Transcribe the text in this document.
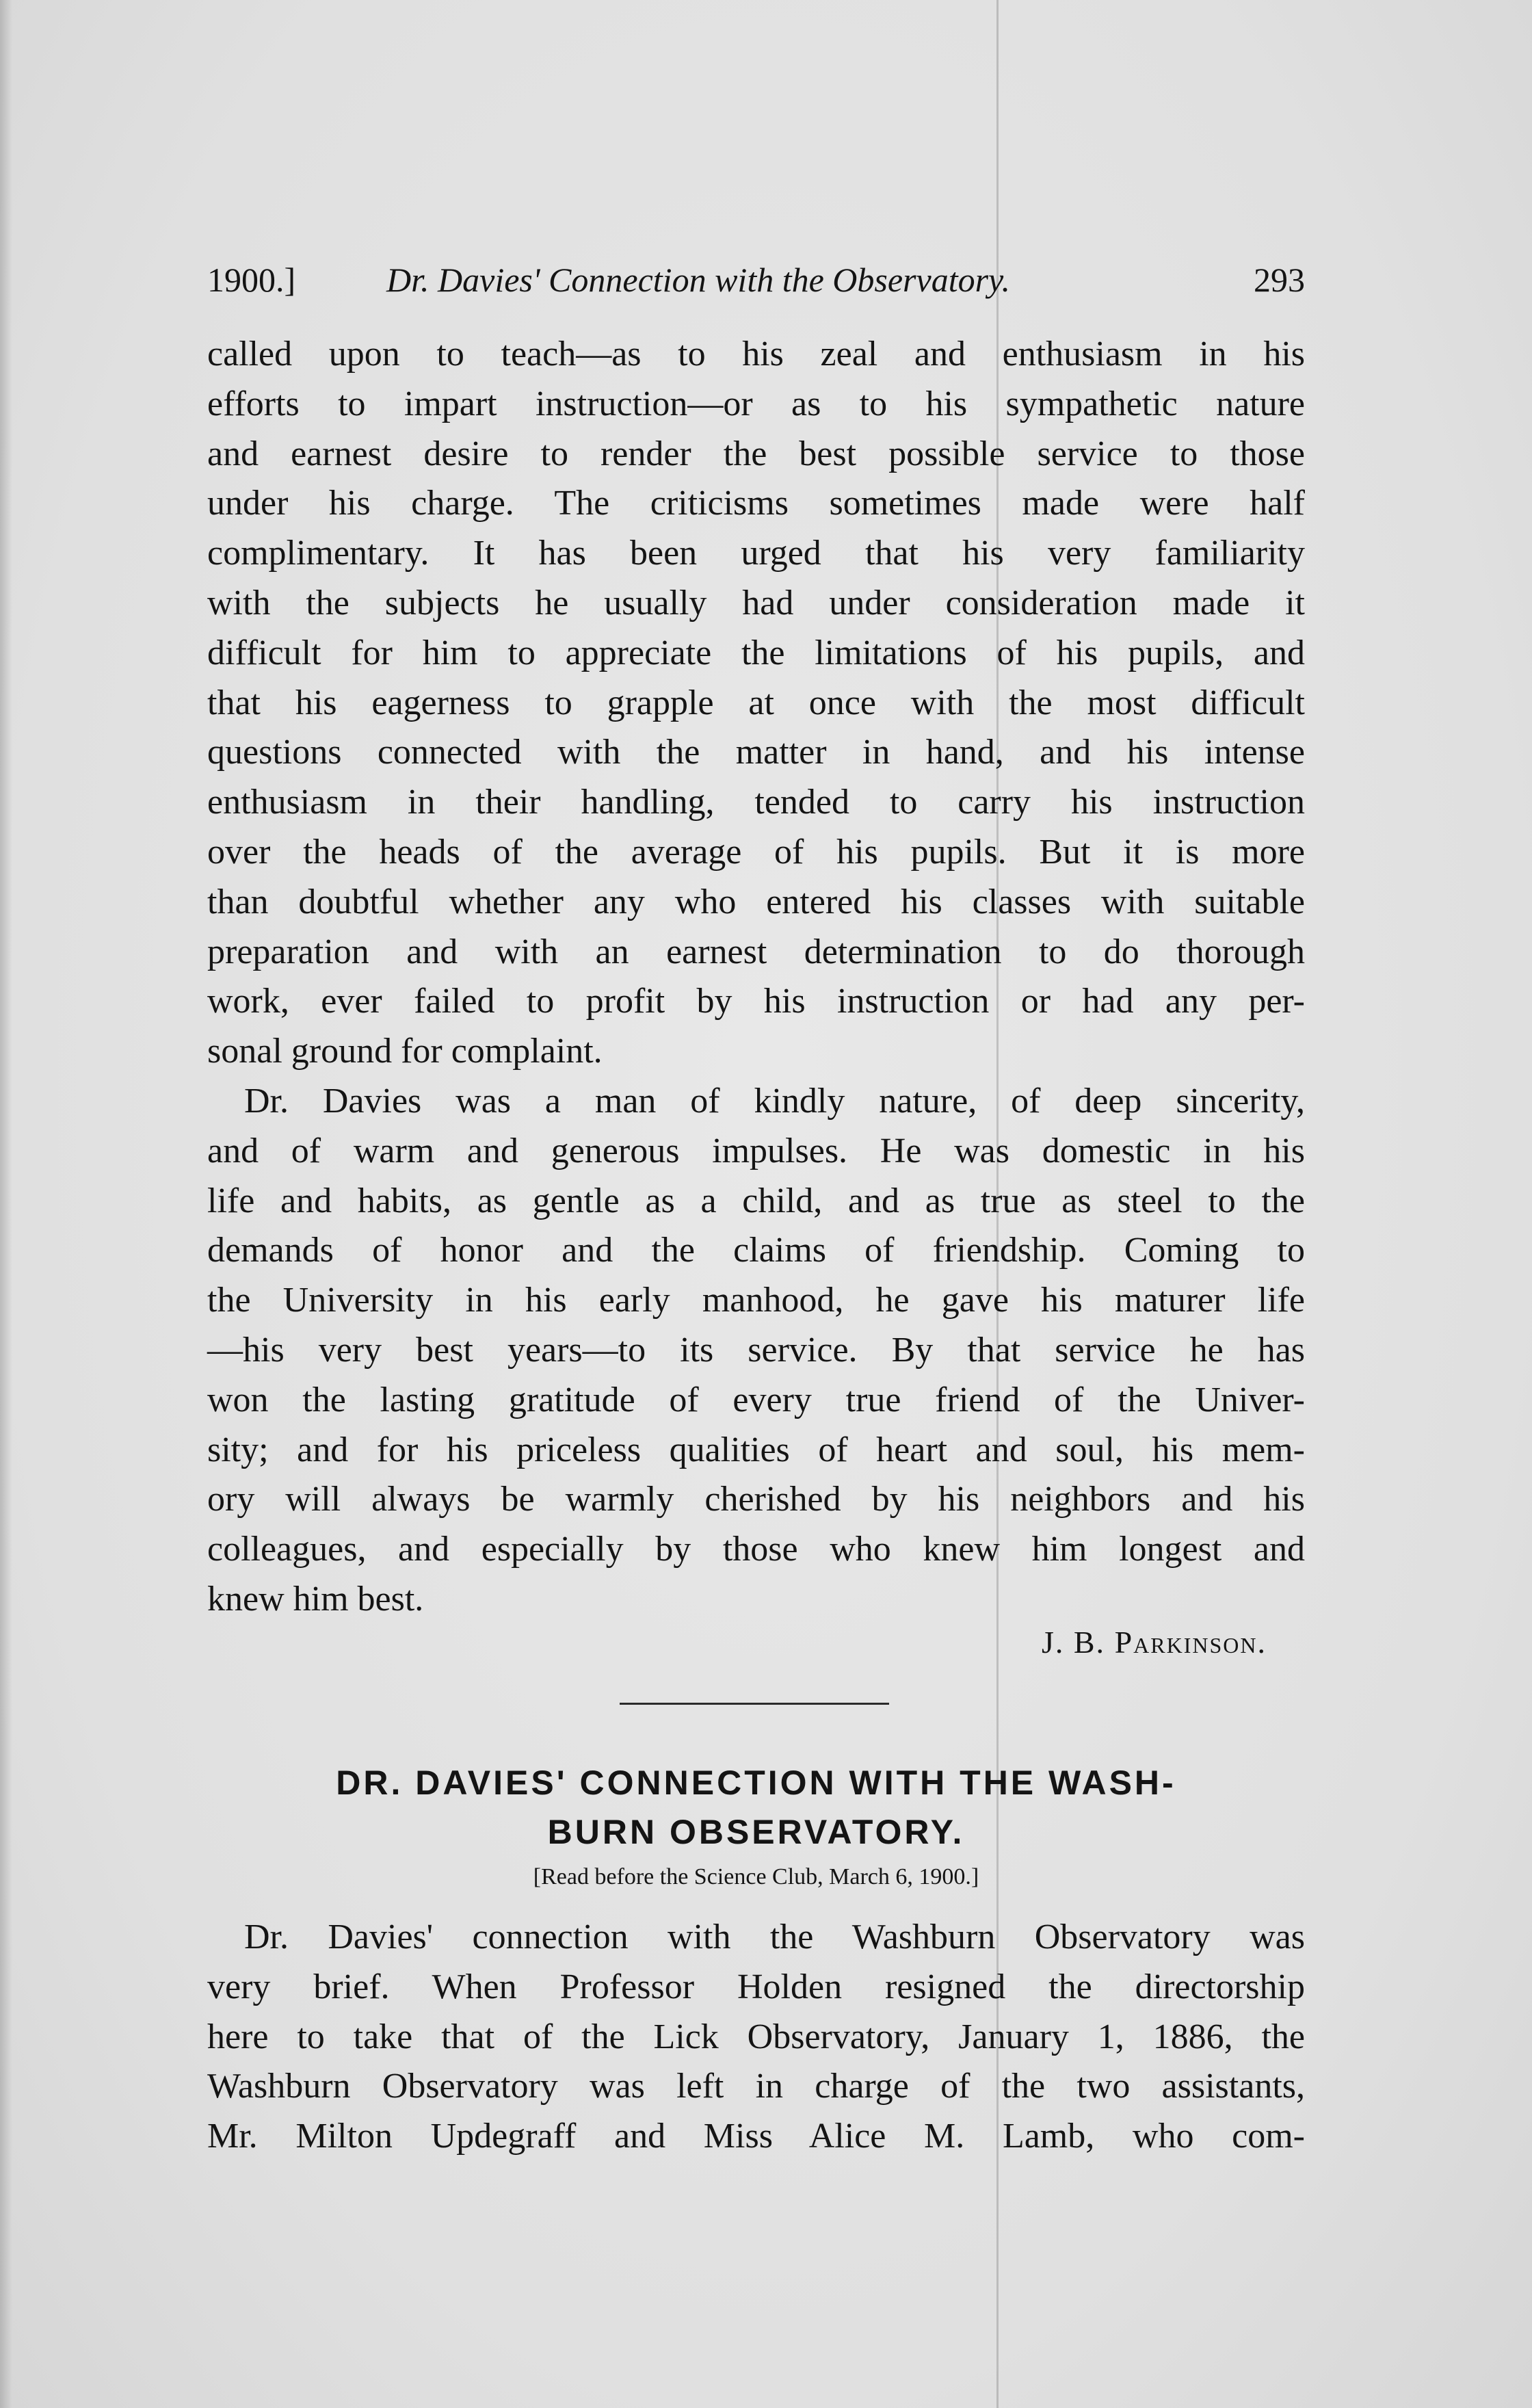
1900.]	Dr. Davies' Connection with the Observatory.	293
called upon to teach—as to his zeal and enthusiasm in his
efforts to impart instruction—or as to his sympathetic nature
and earnest desire to render the best possible service to those
under his charge. The criticisms sometimes made were half
complimentary. It has been urged that his very familiarity
with the subjects he usually had under consideration made it
difficult for him to appreciate the limitations of his pupils, and
that his eagerness to grapple at once with the most difficult
questions connected with the matter in hand, and his intense
enthusiasm in their handling, tended to carry his instruction
over the heads of the average of his pupils. But it is more
than doubtful whether any who entered his classes with suitable
preparation and with an earnest determination to do thorough
work, ever failed to profit by his instruction or had any per-
sonal ground for complaint.
Dr. Davies was a man of kindly nature, of deep sincerity,
and of warm and generous impulses. He was domestic in his
life and habits, as gentle as a child, and as true as steel to the
demands of honor and the claims of friendship. Coming to
the University in his early manhood, he gave his maturer life
—his very best years—to its service. By that service he has
won the lasting gratitude of every true friend of the Univer-
sity; and for his priceless qualities of heart and soul, his mem-
ory will always be warmly cherished by his neighbors and his
colleagues, and especially by those who knew him longest and
knew him best.
J. B. Parkinson.
DR. DAVIES' CONNECTION WITH THE WASH-
BURN OBSERVATORY.
[Read before the Science Club, March 6, 1900.]
Dr. Davies' connection with the Washburn Observatory was
very brief. When Professor Holden resigned the directorship
here to take that of the Lick Observatory, January 1, 1886, the
Washburn Observatory was left in charge of the two assistants,
Mr. Milton Updegraff and Miss Alice M. Lamb, who com-
